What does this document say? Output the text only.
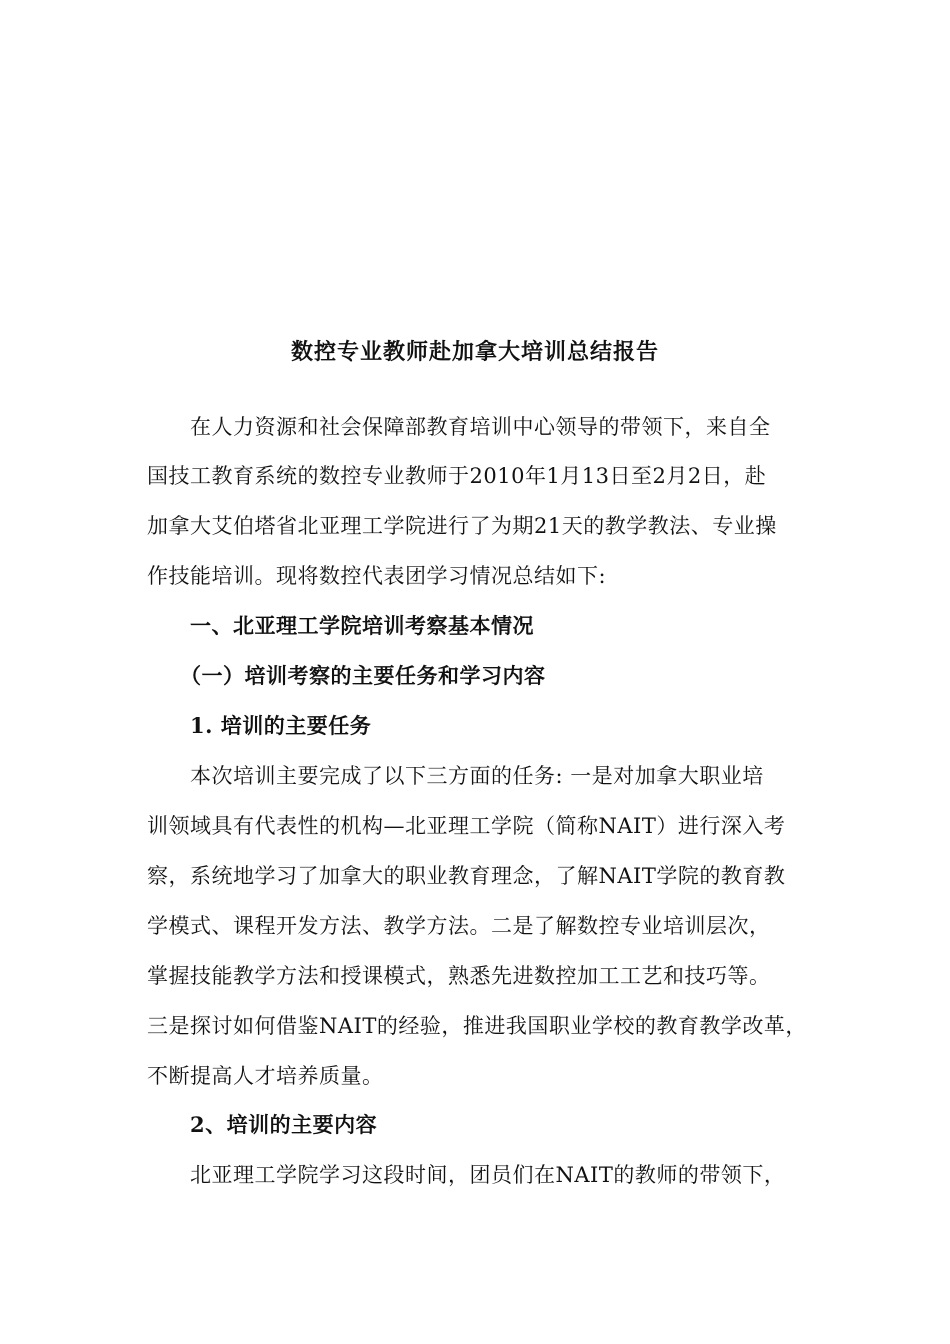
数控专业教师赴加拿大培训总结报告
在人力资源和社会保障部教育培训中心领导的带领下，来自全
国技工教育系统的数控专业教师于2010年1月13日至2月2日，赴
加拿大艾伯塔省北亚理工学院进行了为期21天的教学教法、专业操
作技能培训。现将数控代表团学习情况总结如下:
一、北亚理工学院培训考察基本情况
（一）培训考察的主要任务和学习内容
1. 培训的主要任务
本次培训主要完成了以下三方面的任务: 一是对加拿大职业培
训领域具有代表性的机构—北亚理工学院（简称NAIT）进行深入考
察，系统地学习了加拿大的职业教育理念，了解NAIT学院的教育教
学模式、课程开发方法、教学方法。二是了解数控专业培训层次，
掌握技能教学方法和授课模式，熟悉先进数控加工工艺和技巧等。
三是探讨如何借鉴NAIT的经验，推进我国职业学校的教育教学改革，
不断提高人才培养质量。
2、培训的主要内容
北亚理工学院学习这段时间，团员们在NAIT的教师的带领下，
